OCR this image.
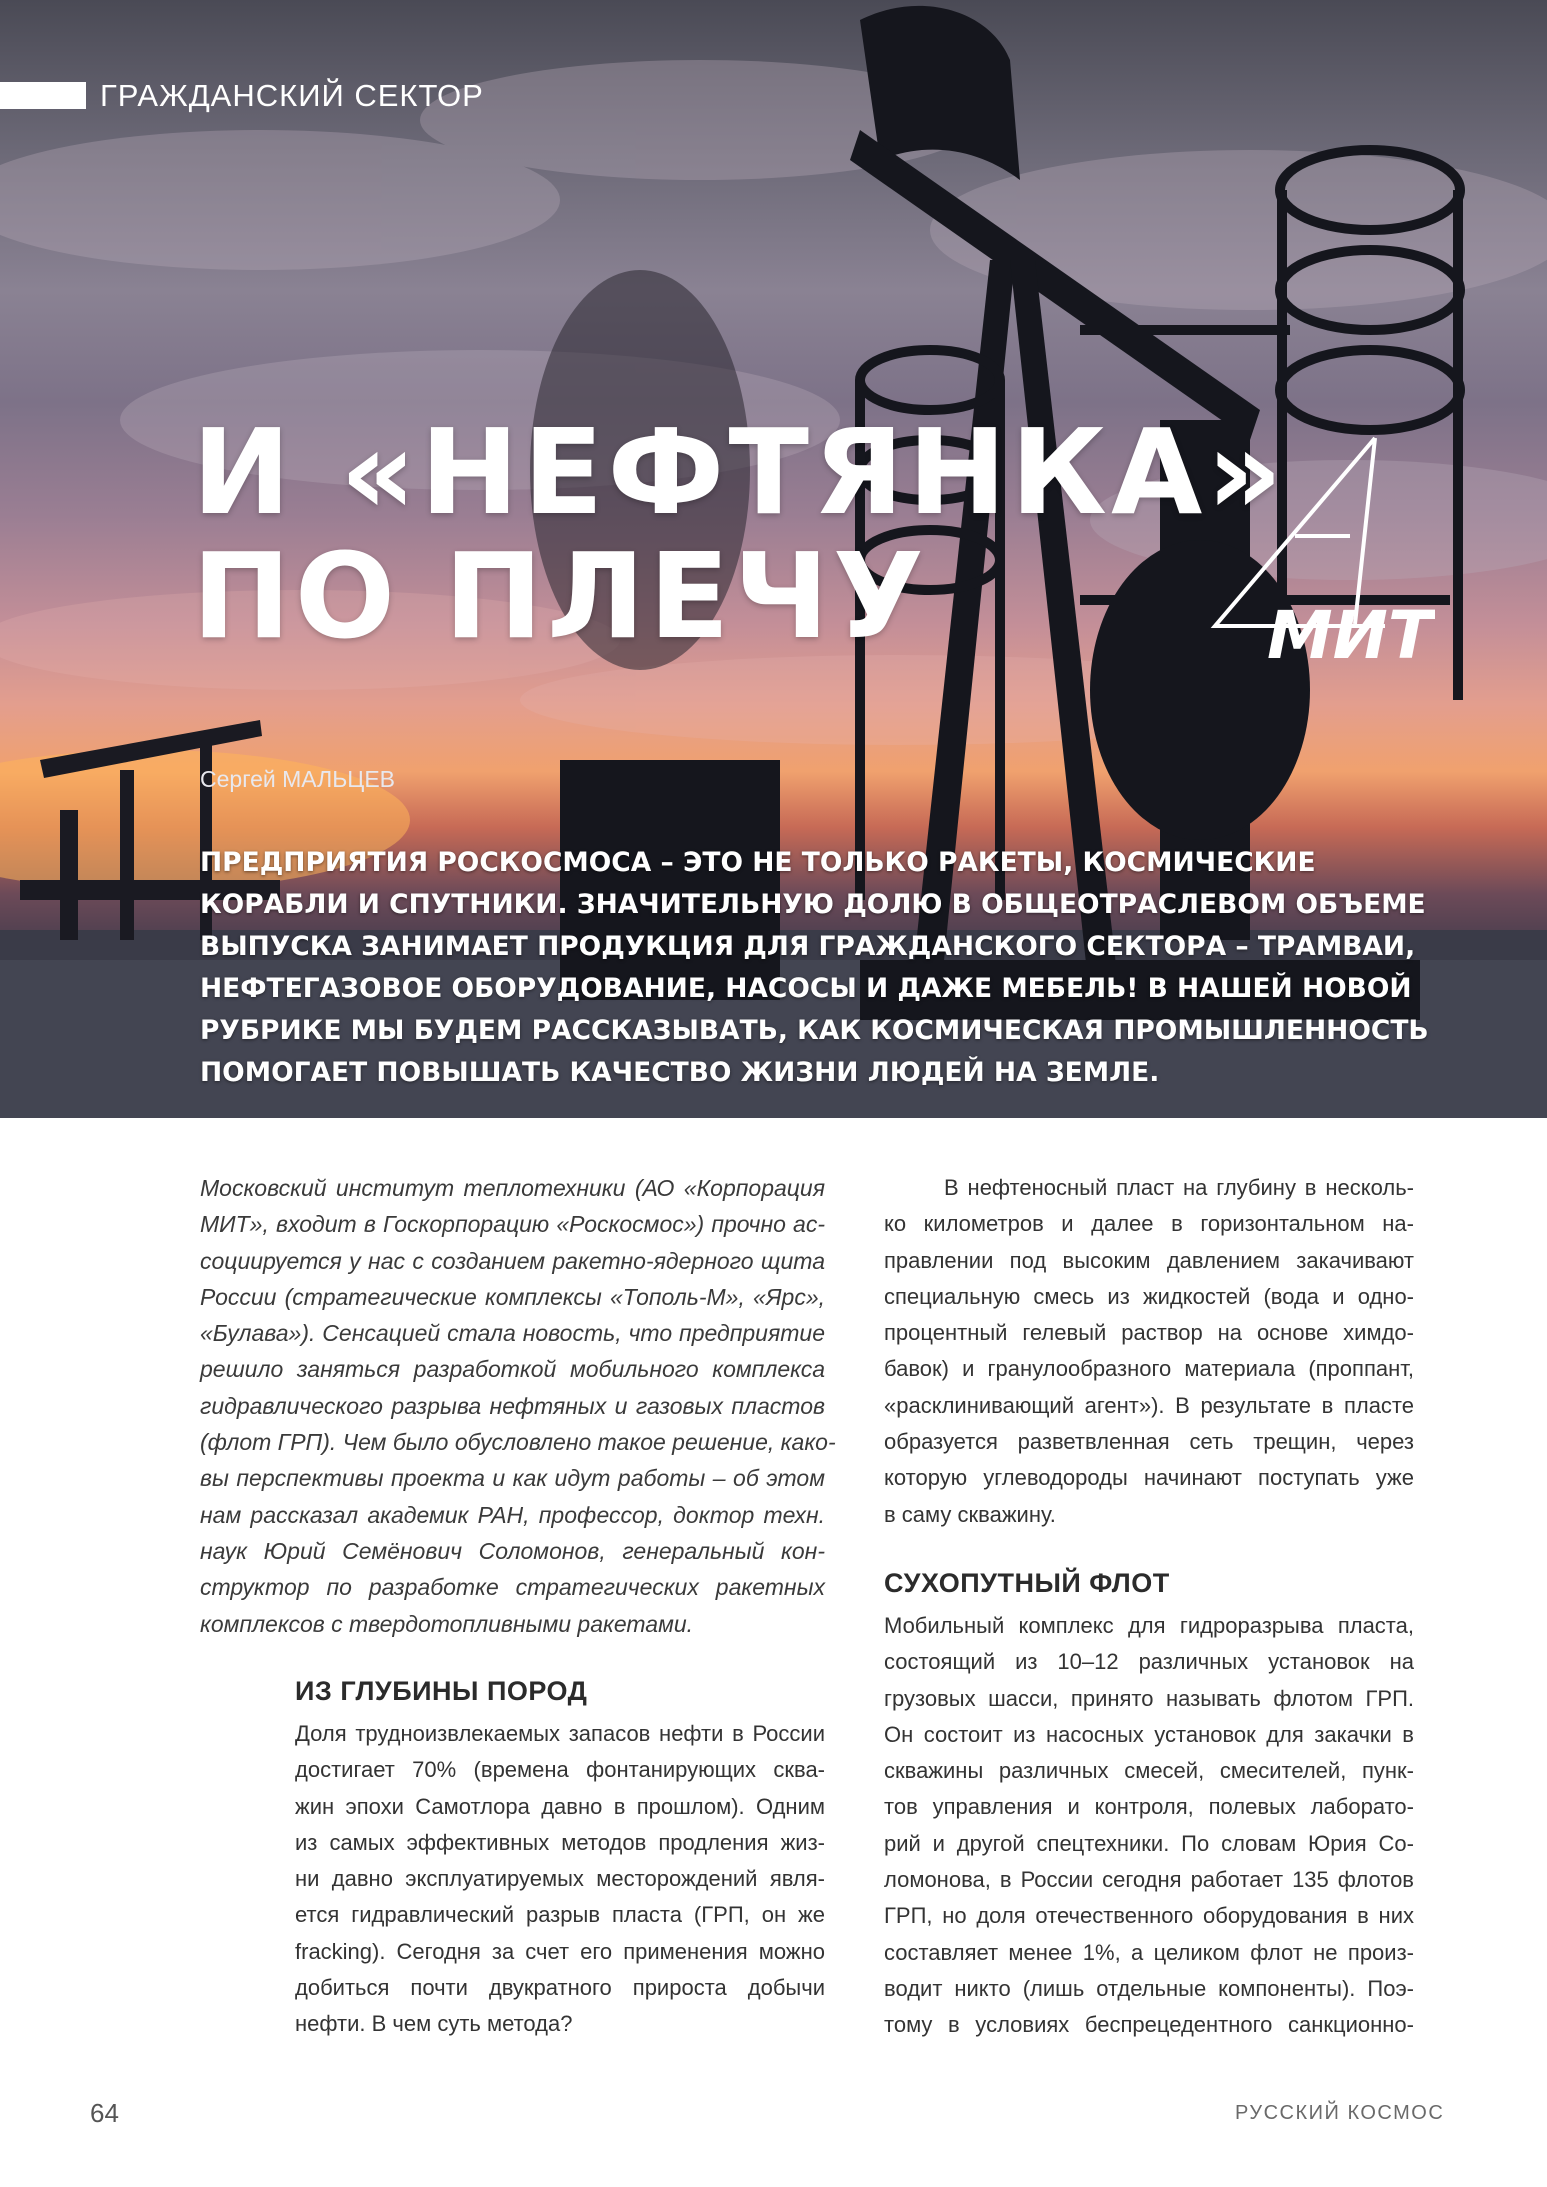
ГРАЖДАНСКИЙ СЕКТОР
И «НЕФТЯНКА»
ПО ПЛЕЧУ	МИТ
Сергей МАЛЬЦЕВ

ПРЕДПРИЯТИЯ РОСКОСМОСА – ЭТО НЕ ТОЛЬКО РАКЕТЫ, КОСМИЧЕСКИЕ
КОРАБЛИ И СПУТНИКИ. ЗНАЧИТЕЛЬНУЮ ДОЛЮ В ОБЩЕОТРАСЛЕВОМ ОБЪЕМЕ
ВЫПУСКА ЗАНИМАЕТ ПРОДУКЦИЯ ДЛЯ ГРАЖДАНСКОГО СЕКТОРА – ТРАМВАИ,
НЕФТЕГАЗОВОЕ ОБОРУДОВАНИЕ, НАСОСЫ И ДАЖЕ МЕБЕЛЬ! В НАШЕЙ НОВОЙ
РУБРИКЕ МЫ БУДЕМ РАССКАЗЫВАТЬ, КАК КОСМИЧЕСКАЯ ПРОМЫШЛЕННОСТЬ
ПОМОГАЕТ ПОВЫШАТЬ КАЧЕСТВО ЖИЗНИ ЛЮДЕЙ НА ЗЕМЛЕ.

Московский институт теплотехники (АО «Корпорация
МИТ», входит в Госкорпорацию «Роскосмос») прочно ас-
социируется у нас с созданием ракетно-ядерного щита
России (стратегические комплексы «Тополь-М», «Ярс»,
«Булава»). Сенсацией стала новость, что предприятие
решило заняться разработкой мобильного комплекса
гидравлического разрыва нефтяных и газовых пластов
(флот ГРП). Чем было обусловлено такое решение, како-
вы перспективы проекта и как идут работы – об этом
нам рассказал академик РАН, профессор, доктор техн.
наук Юрий Семёнович Соломонов, генеральный кон-
структор по разработке стратегических ракетных
комплексов с твердотопливными ракетами.
ИЗ ГЛУБИНЫ ПОРОД
Доля трудноизвлекаемых запасов нефти в России
достигает 70% (времена фонтанирующих сква-
жин эпохи Самотлора давно в прошлом). Одним
из самых эффективных методов продления жиз-
ни давно эксплуатируемых месторождений явля-
ется гидравлический разрыв пласта (ГРП, он же
fracking). Сегодня за счет его применения можно
добиться почти двукратного прироста добычи
нефти. В чем суть метода?
В нефтеносный пласт на глубину в несколь-
ко километров и далее в горизонтальном на-
правлении под высоким давлением закачивают
специальную смесь из жидкостей (вода и одно-
процентный гелевый раствор на основе химдо-
бавок) и гранулообразного материала (проппант,
«расклинивающий агент»). В результате в пласте
образуется разветвленная сеть трещин, через
которую углеводороды начинают поступать уже
в саму скважину.
СУХОПУТНЫЙ ФЛОТ
Мобильный комплекс для гидроразрыва пласта,
состоящий из 10–12 различных установок на
грузовых шасси, принято называть флотом ГРП.
Он состоит из насосных установок для закачки в
скважины различных смесей, смесителей, пунк-
тов управления и контроля, полевых лаборато-
рий и другой спецтехники. По словам Юрия Со-
ломонова, в России сегодня работает 135 флотов
ГРП, но доля отечественного оборудования в них
составляет менее 1%, а целиком флот не произ-
водит никто (лишь отдельные компоненты). Поэ-
тому в условиях беспрецедентного санкционно-
64	РУССКИЙ КОСМОС
